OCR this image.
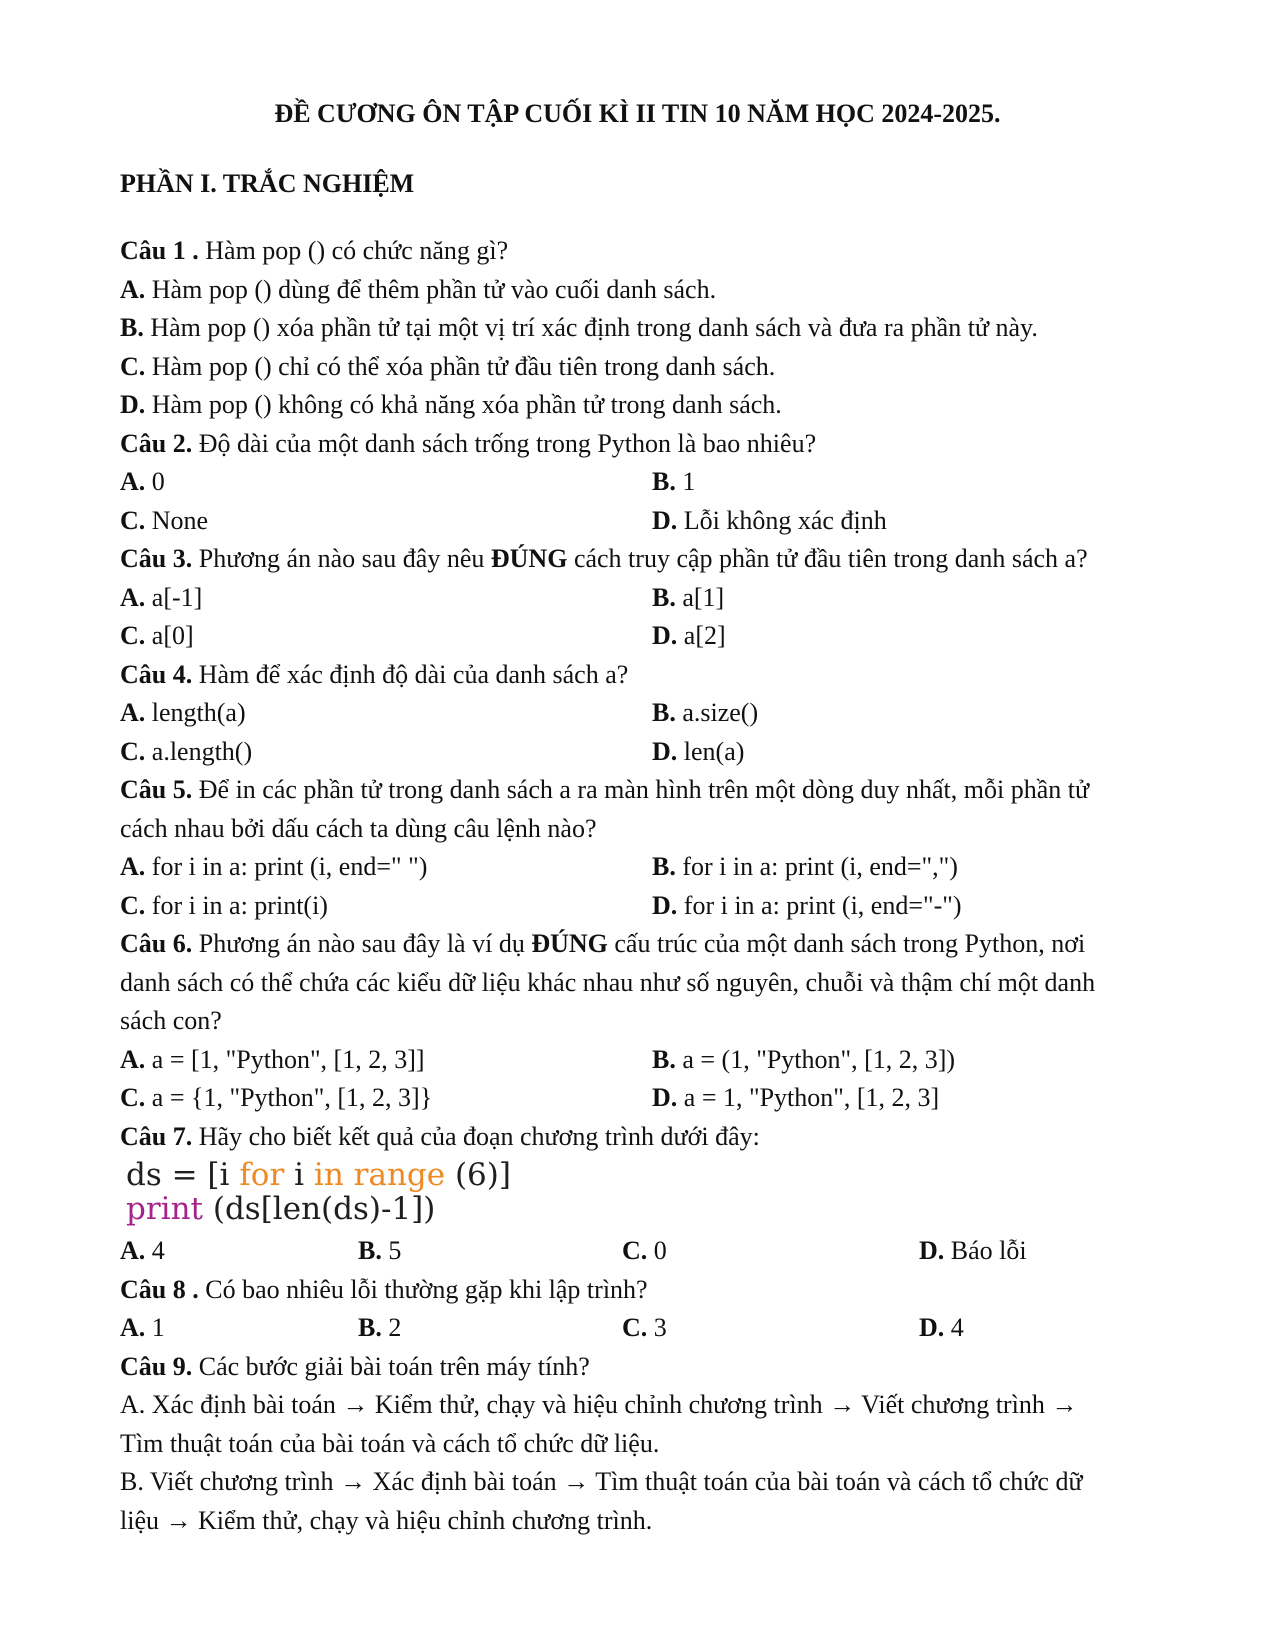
ĐỀ CƯƠNG ÔN TẬP CUỐI KÌ II TIN 10 NĂM HỌC 2024-2025.
PHẦN I. TRẮC NGHIỆM
Câu 1 . Hàm pop () có chức năng gì?
A. Hàm pop () dùng để thêm phần tử vào cuối danh sách.
B. Hàm pop () xóa phần tử tại một vị trí xác định trong danh sách và đưa ra phần tử này.
C. Hàm pop () chỉ có thể xóa phần tử đầu tiên trong danh sách.
D. Hàm pop () không có khả năng xóa phần tử trong danh sách.
Câu 2. Độ dài của một danh sách trống trong Python là bao nhiêu?
A. 0	B. 1
C. None	D. Lỗi không xác định
Câu 3. Phương án nào sau đây nêu ĐÚNG cách truy cập phần tử đầu tiên trong danh sách a?
A. a[-1]	B. a[1]
C. a[0]	D. a[2]
Câu 4. Hàm để xác định độ dài của danh sách a?
A. length(a)	B. a.size()
C. a.length()	D. len(a)
Câu 5. Để in các phần tử trong danh sách a ra màn hình trên một dòng duy nhất, mỗi phần tử
cách nhau bởi dấu cách ta dùng câu lệnh nào?
A. for i in a: print (i, end=" ")	B. for i in a: print (i, end=",")
C. for i in a: print(i)	D. for i in a: print (i, end="-")
Câu 6. Phương án nào sau đây là ví dụ ĐÚNG cấu trúc của một danh sách trong Python, nơi
danh sách có thể chứa các kiểu dữ liệu khác nhau như số nguyên, chuỗi và thậm chí một danh
sách con?
A. a = [1, "Python", [1, 2, 3]]	B. a = (1, "Python", [1, 2, 3])
C. a = {1, "Python", [1, 2, 3]}	D. a = 1, "Python", [1, 2, 3]
Câu 7. Hãy cho biết kết quả của đoạn chương trình dưới đây:
ds = [i for i in range (6)]
print (ds[len(ds)-1])
A. 4	B. 5	C. 0	D. Báo lỗi
Câu 8 . Có bao nhiêu lỗi thường gặp khi lập trình?
A. 1	B. 2	C. 3	D. 4
Câu 9. Các bước giải bài toán trên máy tính?
A. Xác định bài toán → Kiểm thử, chạy và hiệu chỉnh chương trình → Viết chương trình →
Tìm thuật toán của bài toán và cách tổ chức dữ liệu.
B. Viết chương trình → Xác định bài toán → Tìm thuật toán của bài toán và cách tổ chức dữ
liệu → Kiểm thử, chạy và hiệu chỉnh chương trình.
